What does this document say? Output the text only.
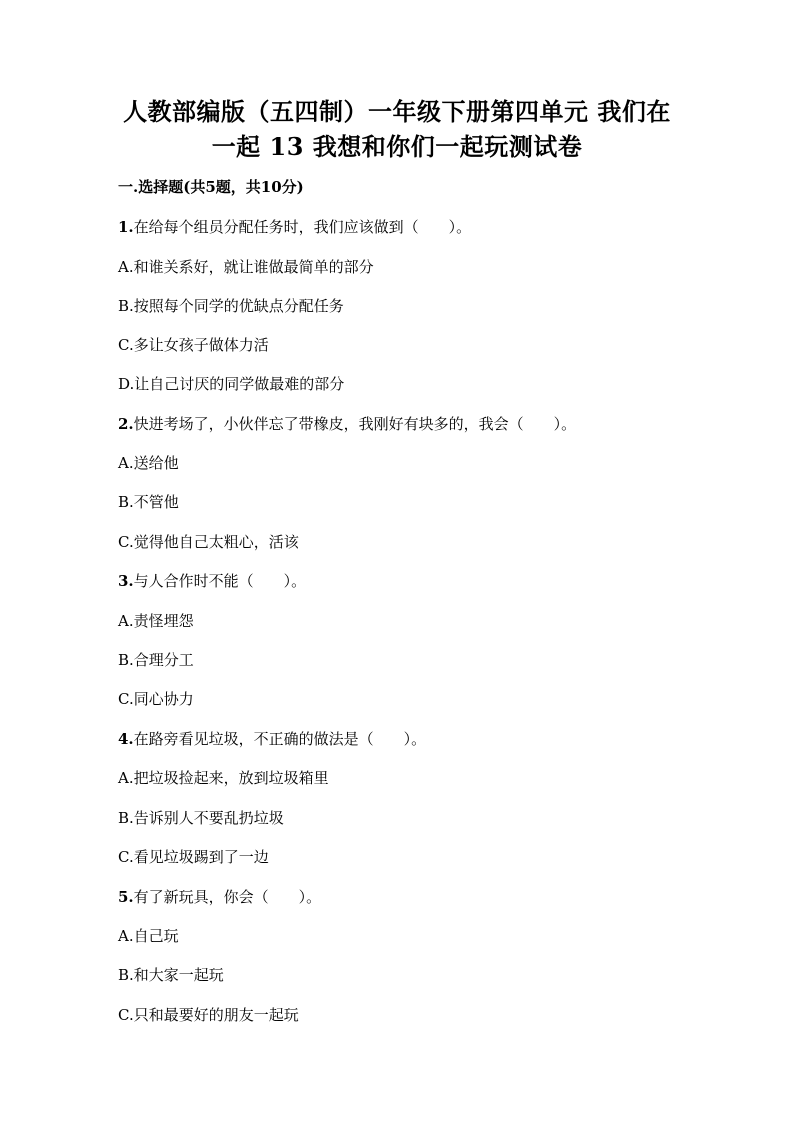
人教部编版（五四制）一年级下册第四单元 我们在
一起 13 我想和你们一起玩测试卷
一.选择题(共5题，共10分)
1.在给每个组员分配任务时，我们应该做到（　　）。
A.和谁关系好，就让谁做最简单的部分
B.按照每个同学的优缺点分配任务
C.多让女孩子做体力活
D.让自己讨厌的同学做最难的部分
2.快进考场了，小伙伴忘了带橡皮，我刚好有块多的，我会（　　）。
A.送给他
B.不管他
C.觉得他自己太粗心，活该
3.与人合作时不能（　　）。
A.责怪埋怨
B.合理分工
C.同心协力
4.在路旁看见垃圾，不正确的做法是（　　）。
A.把垃圾捡起来，放到垃圾箱里
B.告诉别人不要乱扔垃圾
C.看见垃圾踢到了一边
5.有了新玩具，你会（　　）。
A.自己玩
B.和大家一起玩
C.只和最要好的朋友一起玩
